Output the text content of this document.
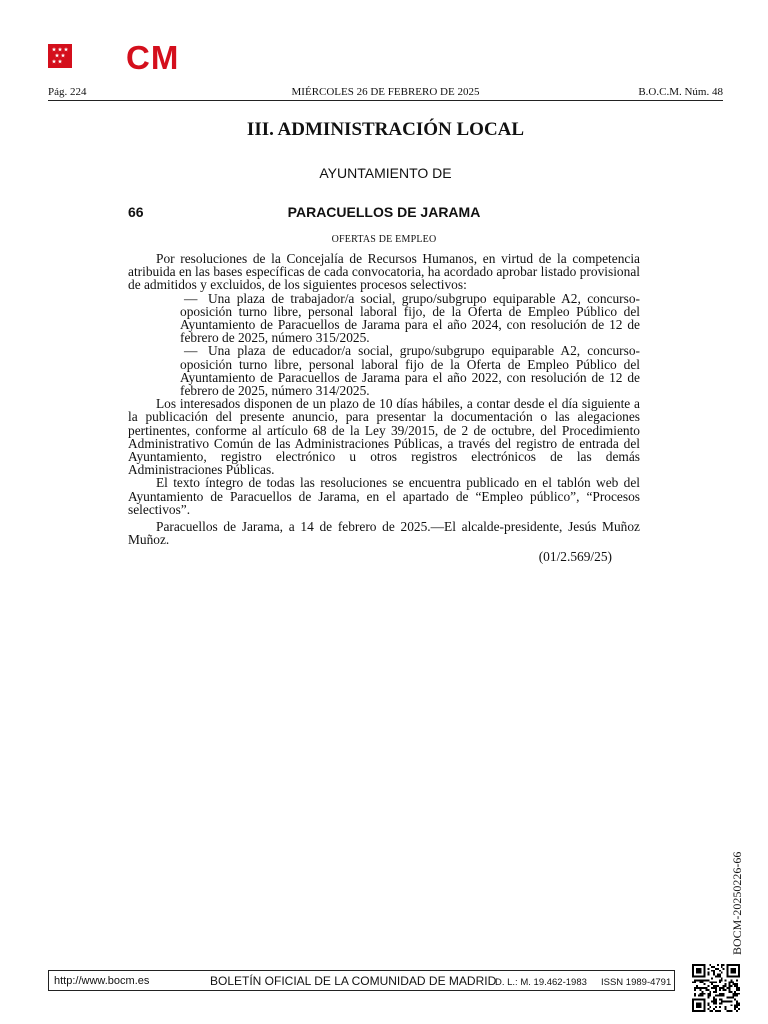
CM
Pág. 224	MIÉRCOLES 26 DE FEBRERO DE 2025	B.O.C.M. Núm. 48
III. ADMINISTRACIÓN LOCAL
AYUNTAMIENTO DE
66	PARACUELLOS DE JARAMA
OFERTAS DE EMPLEO

Por resoluciones de la Concejalía de Recursos Humanos, en virtud de la competencia atribuida en las bases específicas de cada convocatoria, ha acordado aprobar listado provisional de admitidos y excluidos, de los siguientes procesos selectivos:

— Una plaza de trabajador/a social, grupo/subgrupo equiparable A2, concurso-oposición turno libre, personal laboral fijo, de la Oferta de Empleo Público del Ayuntamiento de Paracuellos de Jarama para el año 2024, con resolución de 12 de febrero de 2025, número 315/2025.

— Una plaza de educador/a social, grupo/subgrupo equiparable A2, concurso-oposición turno libre, personal laboral fijo de la Oferta de Empleo Público del Ayuntamiento de Paracuellos de Jarama para el año 2022, con resolución de 12 de febrero de 2025, número 314/2025.

Los interesados disponen de un plazo de 10 días hábiles, a contar desde el día siguiente a la publicación del presente anuncio, para presentar la documentación o las alegaciones pertinentes, conforme al artículo 68 de la Ley 39/2015, de 2 de octubre, del Procedimiento Administrativo Común de las Administraciones Públicas, a través del registro de entrada del Ayuntamiento, registro electrónico u otros registros electrónicos de las demás Administraciones Públicas.

El texto íntegro de todas las resoluciones se encuentra publicado en el tablón web del Ayuntamiento de Paracuellos de Jarama, en el apartado de “Empleo público”, “Procesos selectivos”.

Paracuellos de Jarama, a 14 de febrero de 2025.—El alcalde-presidente, Jesús Muñoz Muñoz.

(01/2.569/25)

BOCM-20250226-66
http://www.bocm.es	BOLETÍN OFICIAL DE LA COMUNIDAD DE MADRID
D. L.: M. 19.462-1983 ISSN 1989-4791
